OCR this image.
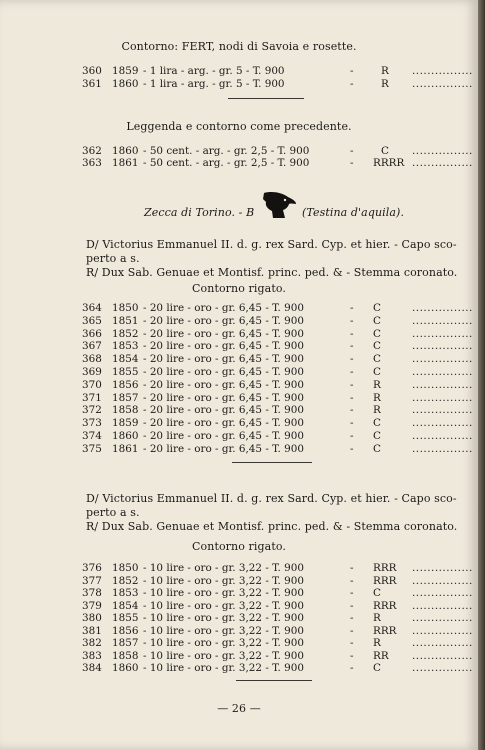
Contorno: FERT, nodi di Savoia e rosette.
360 1859 - 1 lira - arg. - gr. 5 - T. 900	-	R ................
361 1860 - 1 lira - arg. - gr. 5 - T. 900	-	R ................
Leggenda e contorno come precedente.
362 1860 - 50 cent. - arg. - gr. 2,5 - T. 900	-	C ................
363 1861 - 50 cent. - arg. - gr. 2,5 - T. 900	- RRRR ................
Zecca di Torino. - B	(Testina d'aquila).
D/ Victorius Emmanuel II. d. g. rex Sard. Cyp. et hier. - Capo sco-
perto a s.
R/ Dux Sab. Genuae et Montisf. princ. ped. & - Stemma coronato.
Contorno rigato.
364 1850 - 20 lire - oro - gr. 6,45 - T. 900	- C	................
365 1851 - 20 lire - oro - gr. 6,45 - T. 900	- C	................
366 1852 - 20 lire - oro - gr. 6,45 - T. 900	- C	................
367 1853 - 20 lire - oro - gr. 6,45 - T. 900	- C	................
368 1854 - 20 lire - oro - gr. 6,45 - T. 900	- C	................
369 1855 - 20 lire - oro - gr. 6,45 - T. 900	- C	................
370 1856 - 20 lire - oro - gr. 6,45 - T. 900	- R	................
371 1857 - 20 lire - oro - gr. 6,45 - T. 900	- R	................
372 1858 - 20 lire - oro - gr. 6,45 - T. 900	- R	................
373 1859 - 20 lire - oro - gr. 6,45 - T. 900	- C	................
374 1860 - 20 lire - oro - gr. 6,45 - T. 900	- C	................
375 1861 - 20 lire - oro - gr. 6,45 - T. 900	- C	................
D/ Victorius Emmanuel II. d. g. rex Sard. Cyp. et hier. - Capo sco-
perto a s.
R/ Dux Sab. Genuae et Montisf. princ. ped. & - Stemma coronato.
Contorno rigato.
376 1850 - 10 lire - oro - gr. 3,22 - T. 900	- RRR ................
377 1852 - 10 lire - oro - gr. 3,22 - T. 900	- RRR ................
378 1853 - 10 lire - oro - gr. 3,22 - T. 900	- C	................
379 1854 - 10 lire - oro - gr. 3,22 - T. 900	- RRR ................
380 1855 - 10 lire - oro - gr. 3,22 - T. 900	- R	................
381 1856 - 10 lire - oro - gr. 3,22 - T. 900	- RRR ................
382 1857 - 10 lire - oro - gr. 3,22 - T. 900	- R	................
383 1858 - 10 lire - oro - gr. 3,22 - T. 900	- RR ................
384 1860 - 10 lire - oro - gr. 3,22 - T. 900	- C	................
— 26 —
